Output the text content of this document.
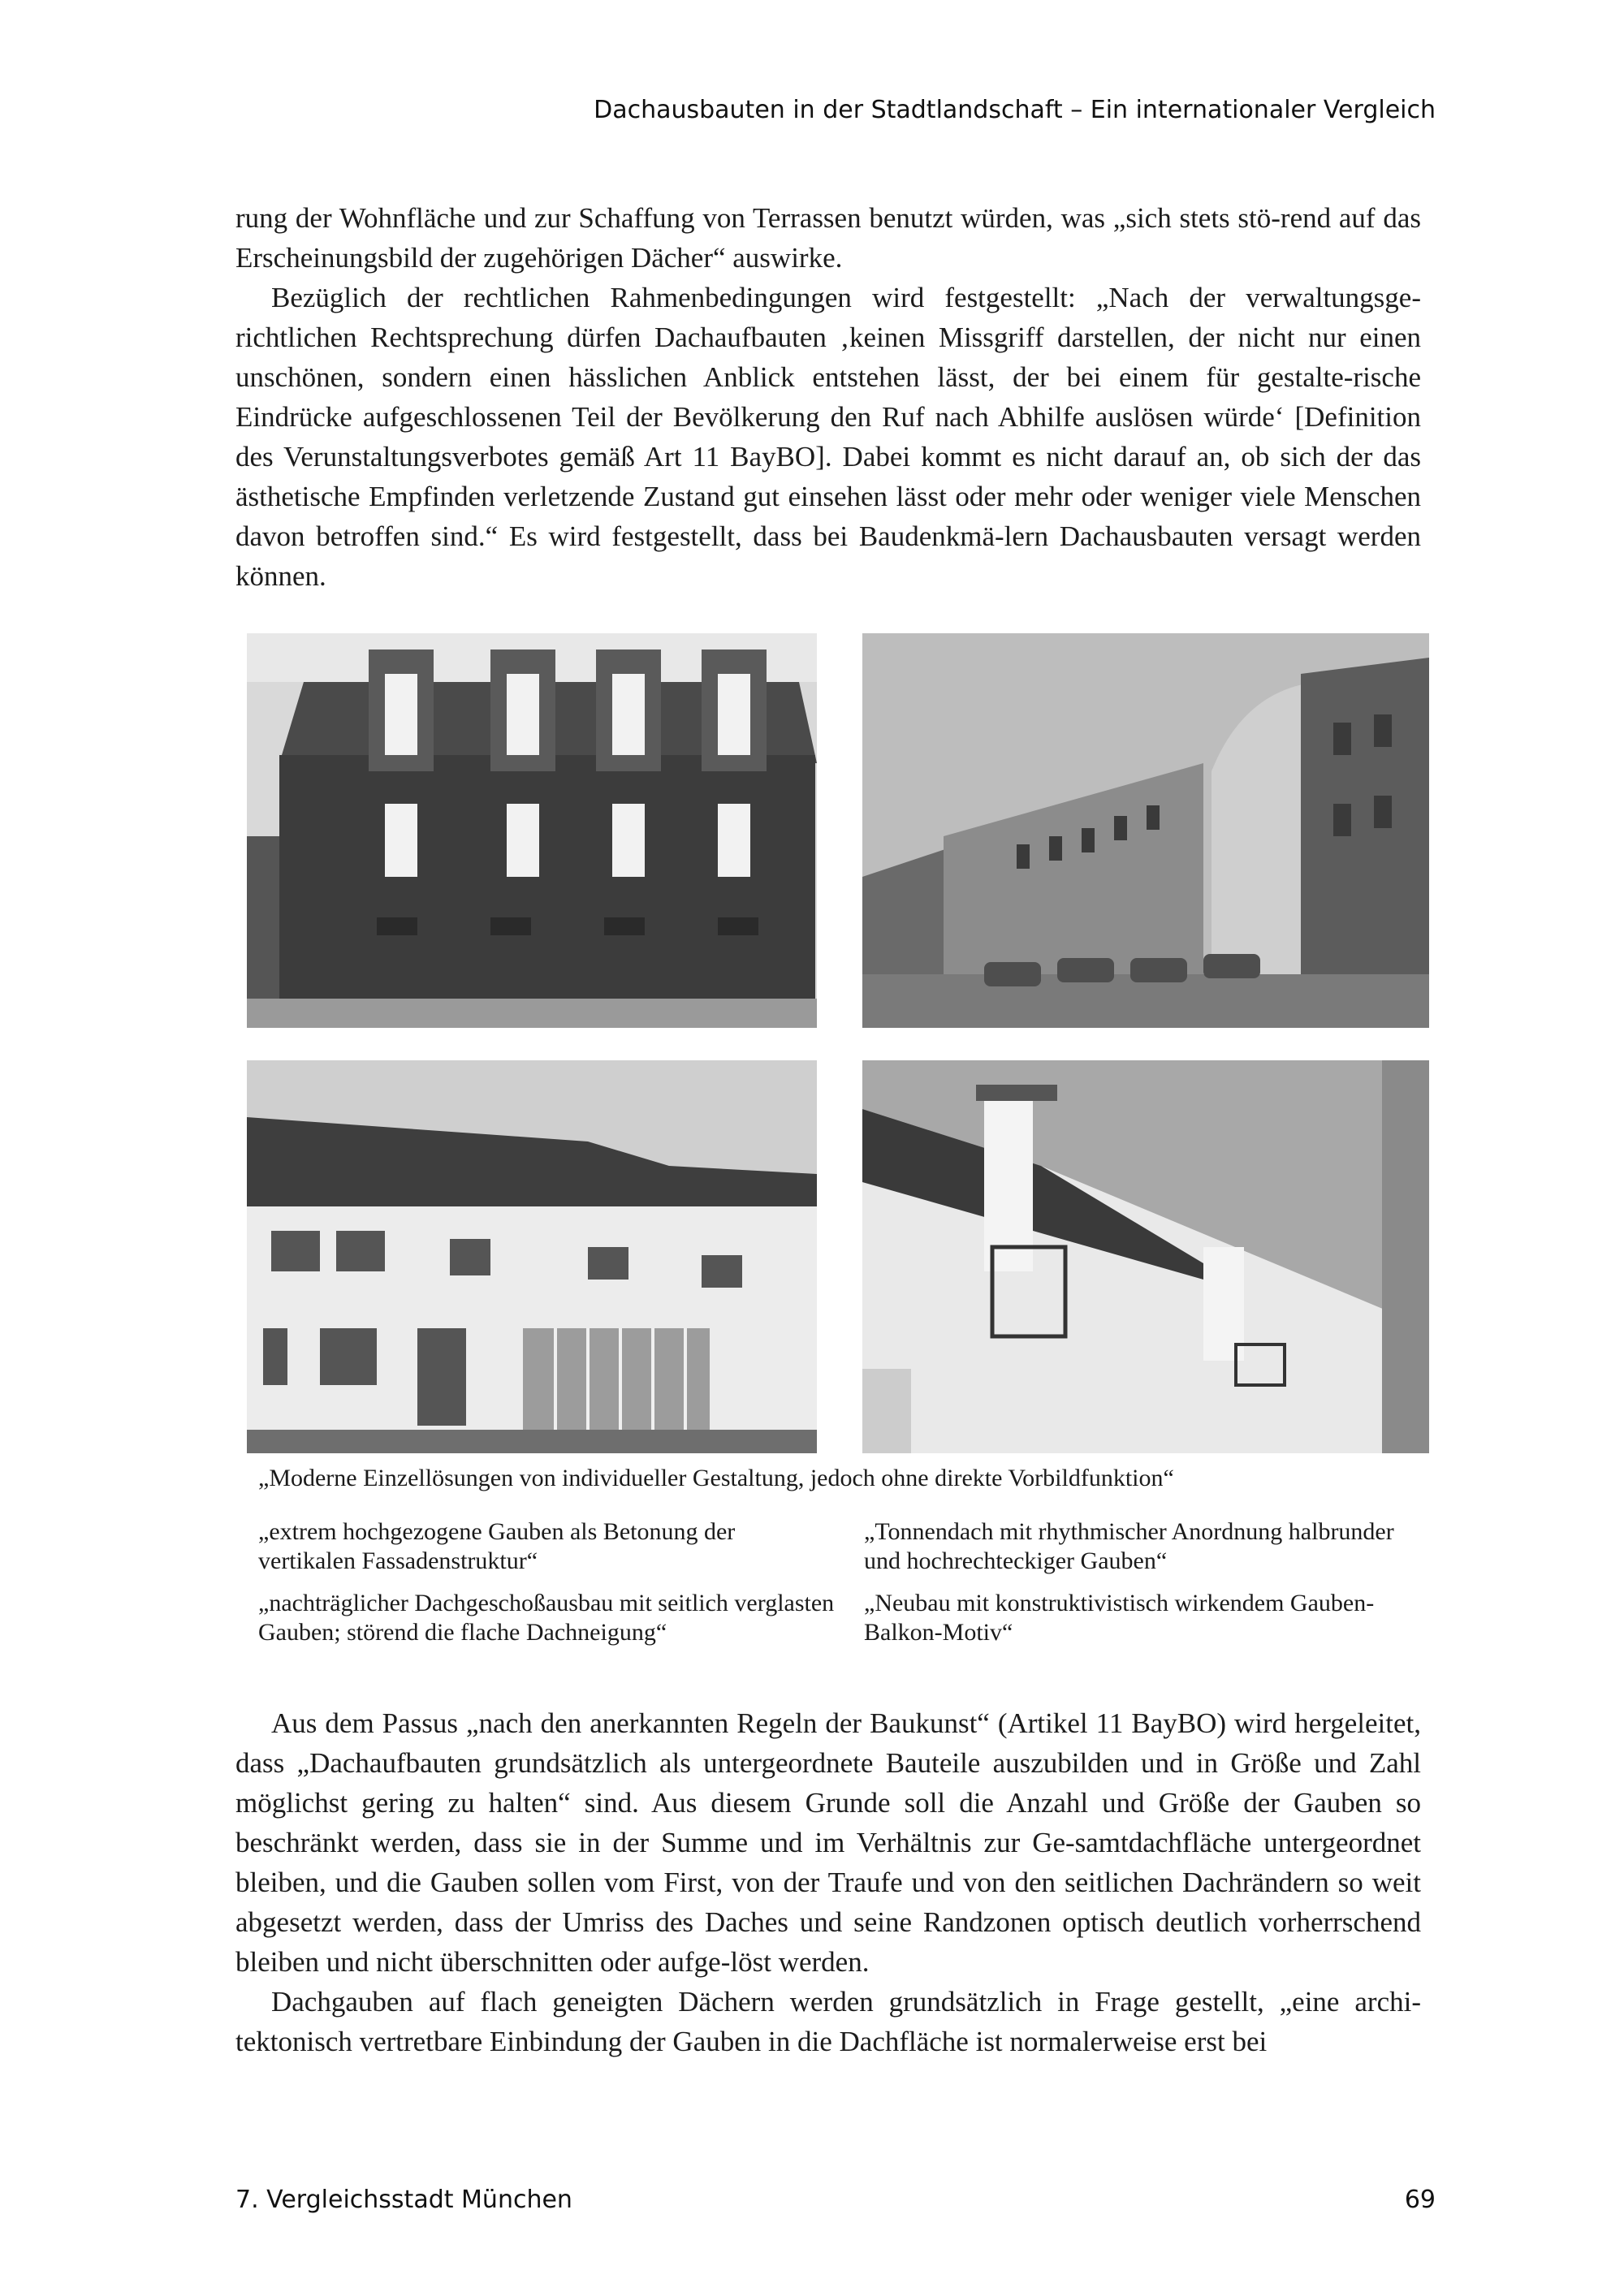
Dachausbauten in der Stadtlandschaft – Ein internationaler Vergleich

rung der Wohnfläche und zur Schaffung von Terrassen benutzt würden, was „sich stets stö-rend auf das Erscheinungsbild der zugehörigen Dächer“ auswirke.

Bezüglich der rechtlichen Rahmenbedingungen wird festgestellt: „Nach der verwaltungsge-richtlichen Rechtsprechung dürfen Dachaufbauten ‚keinen Missgriff darstellen, der nicht nur einen unschönen, sondern einen hässlichen Anblick entstehen lässt, der bei einem für gestalte-rische Eindrücke aufgeschlossenen Teil der Bevölkerung den Ruf nach Abhilfe auslösen würde‘ [Definition des Verunstaltungsverbotes gemäß Art 11 BayBO]. Dabei kommt es nicht darauf an, ob sich der das ästhetische Empfinden verletzende Zustand gut einsehen lässt oder mehr oder weniger viele Menschen davon betroffen sind.“ Es wird festgestellt, dass bei Baudenkmä-lern Dachausbauten versagt werden können.

„Moderne Einzellösungen von individueller Gestaltung, jedoch ohne direkte Vorbildfunktion“
„extrem hochgezogene Gauben als Betonung der vertikalen Fassadenstruktur“
„Tonnendach mit rhythmischer Anordnung halbrunder und hochrechteckiger Gauben“
„nachträglicher Dachgeschoßausbau mit seitlich verglasten Gauben; störend die flache Dachneigung“
„Neubau mit konstruktivistisch wirkendem Gauben-Balkon-Motiv“

Aus dem Passus „nach den anerkannten Regeln der Baukunst“ (Artikel 11 BayBO) wird hergeleitet, dass „Dachaufbauten grundsätzlich als untergeordnete Bauteile auszubilden und in Größe und Zahl möglichst gering zu halten“ sind. Aus diesem Grunde soll die Anzahl und Größe der Gauben so beschränkt werden, dass sie in der Summe und im Verhältnis zur Ge-samtdachfläche untergeordnet bleiben, und die Gauben sollen vom First, von der Traufe und von den seitlichen Dachrändern so weit abgesetzt werden, dass der Umriss des Daches und seine Randzonen optisch deutlich vorherrschend bleiben und nicht überschnitten oder aufge-löst werden.

Dachgauben auf flach geneigten Dächern werden grundsätzlich in Frage gestellt, „eine archi-tektonisch vertretbare Einbindung der Gauben in die Dachfläche ist normalerweise erst bei

7. Vergleichsstadt München	69
